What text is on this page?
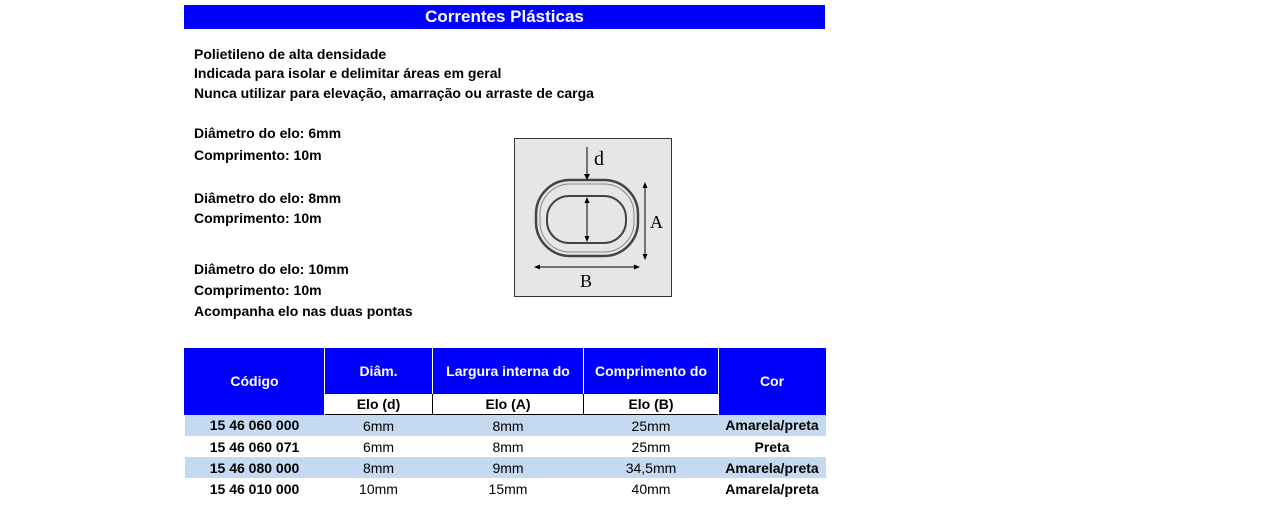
Correntes Plásticas
Polietileno de alta densidade
Indicada para isolar e delimitar áreas em geral
Nunca utilizar para elevação, amarração ou arraste de carga
Diâmetro do elo: 6mm
Comprimento: 10m
Diâmetro do elo: 8mm
Comprimento: 10m
Diâmetro do elo: 10mm
Comprimento: 10m
Acompanha elo nas duas pontas
d
A
B
Código	Diâm.	Largura interna do	Comprimento do	Cor
	Elo (d)	Elo (A)	Elo (B)	
15 46 060 000	6mm	8mm	25mm	Amarela/preta
15 46 060 071	6mm	8mm	25mm	Preta
15 46 080 000	8mm	9mm	34,5mm	Amarela/preta
15 46 010 000	10mm	15mm	40mm	Amarela/preta
